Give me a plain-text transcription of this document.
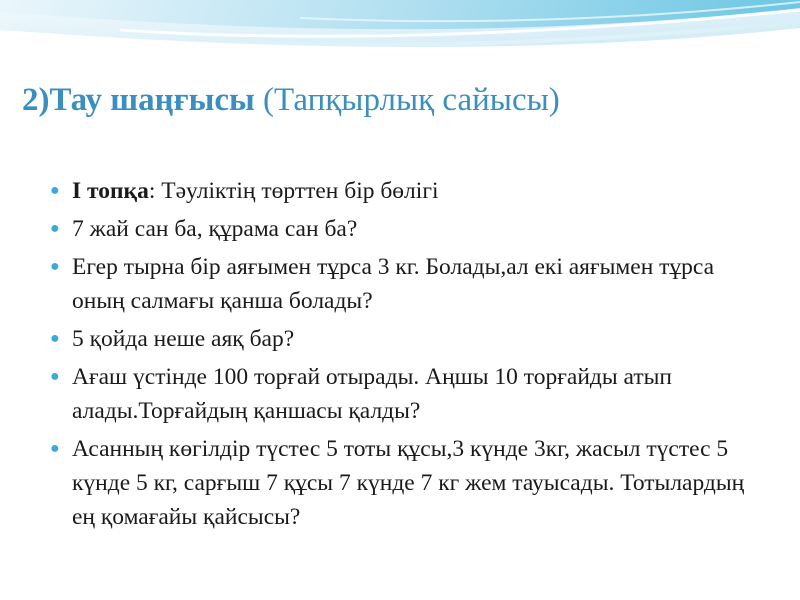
2)Тау шаңғысы (Тапқырлық сайысы)
● І топқа: Тәуліктің төрттен бір бөлігі
● 7 жай сан ба, құрама сан ба?
● Егер тырна бір аяғымен тұрса 3 кг. Болады,ал екі аяғымен тұрса оның салмағы қанша болады?
● 5 қойда неше аяқ бар?
● Ағаш үстінде 100 торғай отырады. Аңшы 10 торғайды атып алады.Торғайдың қаншасы қалды?
● Асанның көгілдір түстес 5 тоты құсы,3 күнде 3кг, жасыл түстес 5 күнде 5 кг, сарғыш 7 құсы 7 күнде 7 кг жем тауысады. Тотылардың ең қомағайы қайсысы?
